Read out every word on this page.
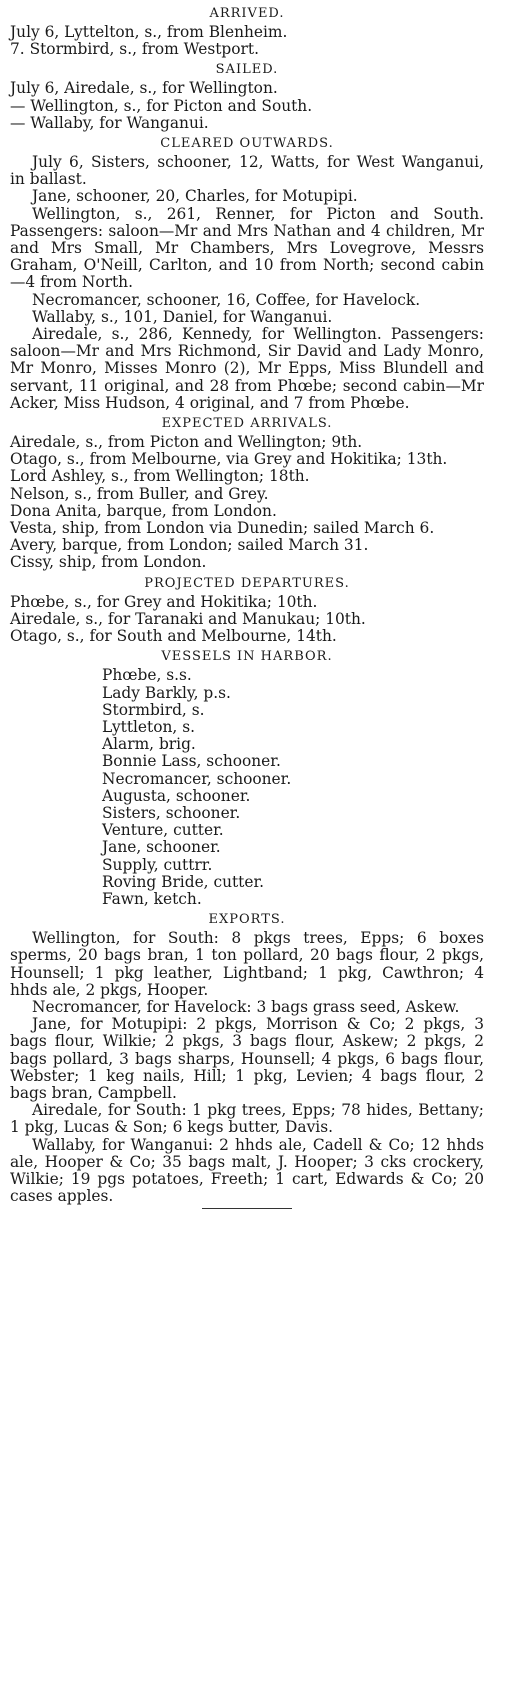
ARRIVED.
July 6, Lyttelton, s., from Blenheim.
7. Stormbird, s., from Westport.
SAILED.
July 6, Airedale, s., for Wellington.
— Wellington, s., for Picton and South.
— Wallaby, for Wanganui.
CLEARED OUTWARDS.
July 6, Sisters, schooner, 12, Watts, for West Wanganui, in ballast.
Jane, schooner, 20, Charles, for Motupipi.
Wellington, s., 261, Renner, for Picton and South. Passengers: saloon—Mr and Mrs Nathan and 4 children, Mr and Mrs Small, Mr Chambers, Mrs Lovegrove, Messrs Graham, O'Neill, Carlton, and 10 from North; second cabin—4 from North.
Necromancer, schooner, 16, Coffee, for Havelock.
Wallaby, s., 101, Daniel, for Wanganui.
Airedale, s., 286, Kennedy, for Wellington. Passengers: saloon—Mr and Mrs Richmond, Sir David and Lady Monro, Mr Monro, Misses Monro (2), Mr Epps, Miss Blundell and servant, 11 original, and 28 from Phœbe; second cabin—Mr Acker, Miss Hudson, 4 original, and 7 from Phœbe.
EXPECTED ARRIVALS.
Airedale, s., from Picton and Wellington; 9th.
Otago, s., from Melbourne, via Grey and Hokitika; 13th.
Lord Ashley, s., from Wellington; 18th.
Nelson, s., from Buller, and Grey.
Dona Anita, barque, from London.
Vesta, ship, from London via Dunedin; sailed March 6.
Avery, barque, from London; sailed March 31.
Cissy, ship, from London.
PROJECTED DEPARTURES.
Phœbe, s., for Grey and Hokitika; 10th.
Airedale, s., for Taranaki and Manukau; 10th.
Otago, s., for South and Melbourne, 14th.
VESSELS IN HARBOR.
Phœbe, s.s.
Lady Barkly, p.s.
Stormbird, s.
Lyttleton, s.
Alarm, brig.
Bonnie Lass, schooner.
Necromancer, schooner.
Augusta, schooner.
Sisters, schooner.
Venture, cutter.
Jane, schooner.
Supply, cuttrr.
Roving Bride, cutter.
Fawn, ketch.
EXPORTS.
Wellington, for South: 8 pkgs trees, Epps; 6 boxes sperms, 20 bags bran, 1 ton pollard, 20 bags flour, 2 pkgs, Hounsell; 1 pkg leather, Lightband; 1 pkg, Cawthron; 4 hhds ale, 2 pkgs, Hooper.
Necromancer, for Havelock: 3 bags grass seed, Askew.
Jane, for Motupipi: 2 pkgs, Morrison & Co; 2 pkgs, 3 bags flour, Wilkie; 2 pkgs, 3 bags flour, Askew; 2 pkgs, 2 bags pollard, 3 bags sharps, Hounsell; 4 pkgs, 6 bags flour, Webster; 1 keg nails, Hill; 1 pkg, Levien; 4 bags flour, 2 bags bran, Campbell.
Airedale, for South: 1 pkg trees, Epps; 78 hides, Bettany; 1 pkg, Lucas & Son; 6 kegs butter, Davis.
Wallaby, for Wanganui: 2 hhds ale, Cadell & Co; 12 hhds ale, Hooper & Co; 35 bags malt, J. Hooper; 3 cks crockery, Wilkie; 19 pgs potatoes, Freeth; 1 cart, Edwards & Co; 20 cases apples.
